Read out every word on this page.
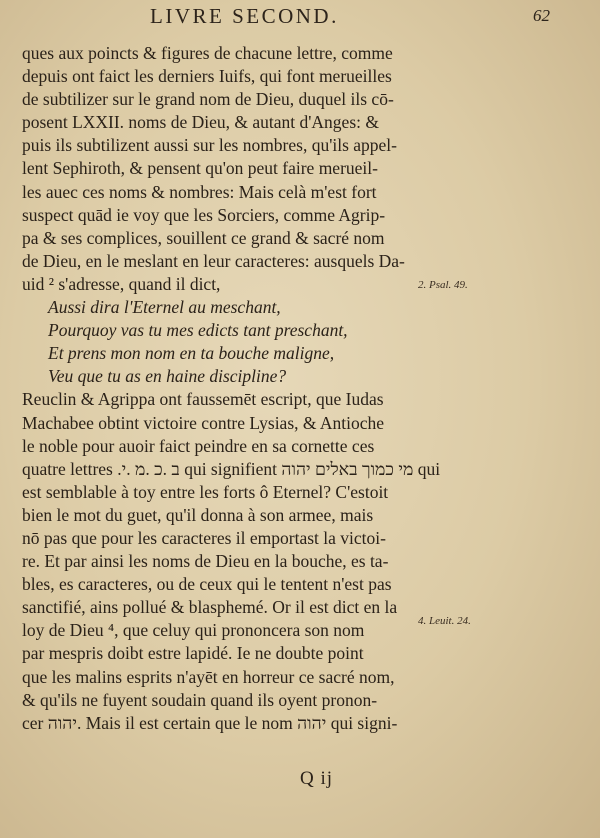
LIVRE SECOND.	62
ques aux poincts & figures de chacune lettre, comme
depuis ont faict les derniers Iuifs, qui font merueilles
de subtilizer sur le grand nom de Dieu, duquel ils cō-
posent LXXII. noms de Dieu, & autant d'Anges: &
puis ils subtilizent aussi sur les nombres, qu'ils appel-
lent Sephiroth, & pensent qu'on peut faire merueil-
les auec ces noms & nombres: Mais celà m'est fort
suspect quād ie voy que les Sorciers, comme Agrip-
pa & ses complices, souillent ce grand & sacré nom
de Dieu, en le meslant en leur caracteres: ausquels Da-
uid ² s'adresse, quand il dict,
Aussi dira l'Eternel au meschant,
Pourquoy vas tu mes edicts tant preschant,
Et prens mon nom en ta bouche maligne,
Veu que tu as en haine discipline?
Reuclin & Agrippa ont faussemēt escript, que Iudas
Machabee obtint victoire contre Lysias, & Antioche
le noble pour auoir faict peindre en sa cornette ces
quatre lettres .ב .כ .מ .י qui signifient מי כמוך באלים יהוה qui
est semblable à toy entre les forts ô Eternel? C'estoit
bien le mot du guet, qu'il donna à son armee, mais
nō pas que pour les caracteres il emportast la victoi-
re. Et par ainsi les noms de Dieu en la bouche, es ta-
bles, es caracteres, ou de ceux qui le tentent n'est pas
sanctifié, ains pollué & blasphemé. Or il est dict en la
loy de Dieu ⁴, que celuy qui prononcera son nom
par mespris doibt estre lapidé. Ie ne doubte point
que les malins esprits n'ayēt en horreur ce sacré nom,
& qu'ils ne fuyent soudain quand ils oyent pronon-
cer יהוה. Mais il est certain que le nom יהוה qui signi-
2. Psal. 49.
4. Leuit. 24.
Q ij
